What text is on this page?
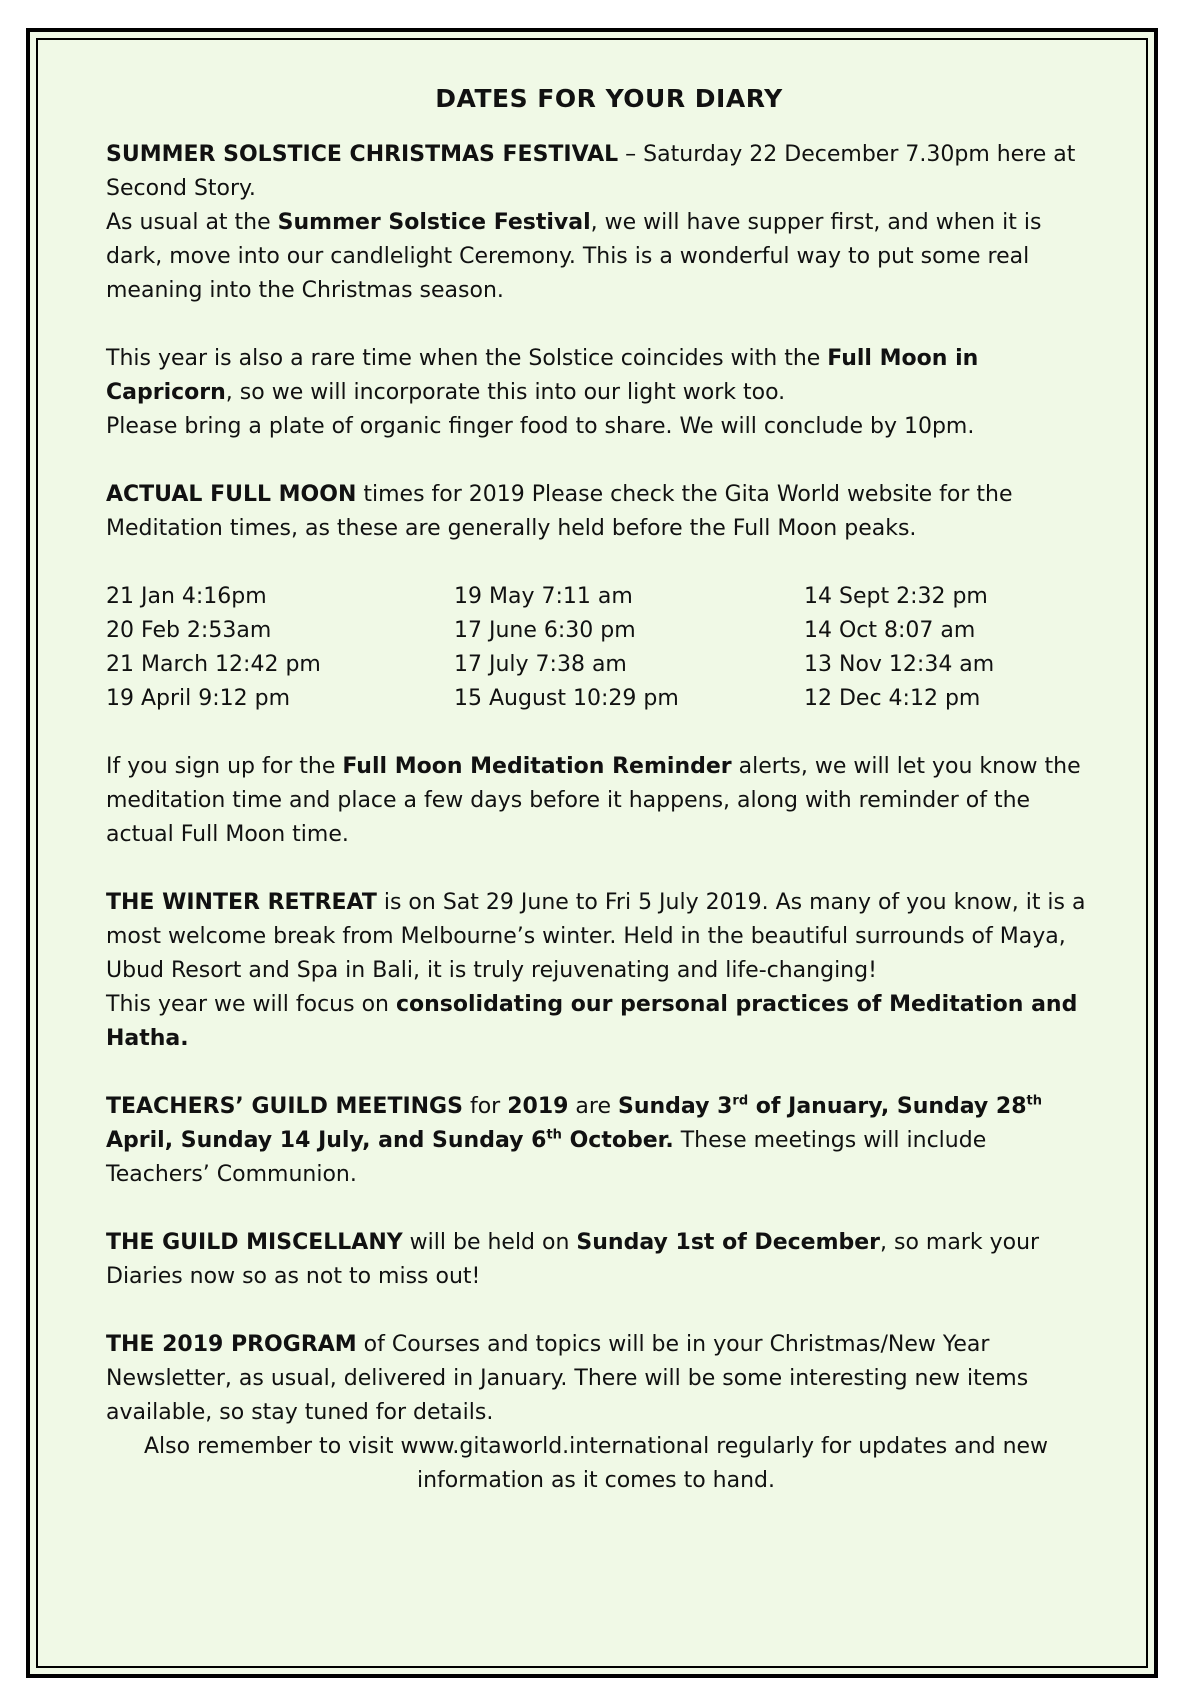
DATES FOR YOUR DIARY

SUMMER SOLSTICE CHRISTMAS FESTIVAL – Saturday 22 December 7.30pm here at Second Story.

As usual at the Summer Solstice Festival, we will have supper first, and when it is dark, move into our candlelight Ceremony. This is a wonderful way to put some real meaning into the Christmas season.

This year is also a rare time when the Solstice coincides with the Full Moon in Capricorn, so we will incorporate this into our light work too.

Please bring a plate of organic finger food to share. We will conclude by 10pm.

ACTUAL FULL MOON times for 2019 Please check the Gita World website for the Meditation times, as these are generally held before the Full Moon peaks.

21 Jan 4:16pm	19 May 7:11 am	14 Sept 2:32 pm
20 Feb 2:53am	17 June 6:30 pm	14 Oct 8:07 am
21 March 12:42 pm	17 July 7:38 am	13 Nov 12:34 am
19 April 9:12 pm	15 August 10:29 pm	12 Dec 4:12 pm

If you sign up for the Full Moon Meditation Reminder alerts, we will let you know the meditation time and place a few days before it happens, along with reminder of the actual Full Moon time.

THE WINTER RETREAT is on Sat 29 June to Fri 5 July 2019. As many of you know, it is a most welcome break from Melbourne’s winter. Held in the beautiful surrounds of Maya, Ubud Resort and Spa in Bali, it is truly rejuvenating and life-changing!

This year we will focus on consolidating our personal practices of Meditation and Hatha.

TEACHERS’ GUILD MEETINGS for 2019 are Sunday 3rd of January, Sunday 28th April, Sunday 14 July, and Sunday 6th October. These meetings will include Teachers’ Communion.

THE GUILD MISCELLANY will be held on Sunday 1st of December, so mark your Diaries now so as not to miss out!

THE 2019 PROGRAM of Courses and topics will be in your Christmas/New Year Newsletter, as usual, delivered in January. There will be some interesting new items available, so stay tuned for details.

Also remember to visit www.gitaworld.international regularly for updates and new information as it comes to hand.
